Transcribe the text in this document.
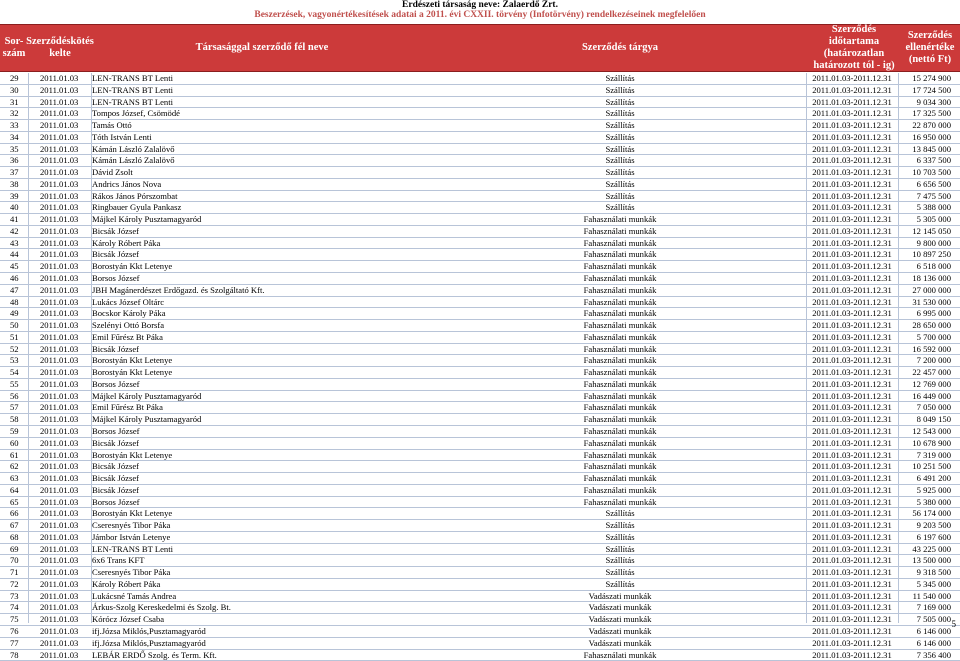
Erdészeti társaság neve: Zalaerdő Zrt.
Beszerzések, vagyonértékesítések adatai a 2011. évi CXXII. törvény (Infotörvény) rendelkezéseinek megfelelően
Sor-
szám
Szerződéskötés
kelte
Társasággal szerződő fél neve	Szerződés tárgya
Szerződés időtartama
(határozatlan
határozott tól - ig)
Szerződés
ellenértéke
(nettó Ft)
29	2011.01.03	LEN-TRANS BT Lenti	Szállítás	2011.01.03-2011.12.31	15 274 900
30	2011.01.03	LEN-TRANS BT Lenti	Szállítás	2011.01.03-2011.12.31	17 724 500
31	2011.01.03	LEN-TRANS BT Lenti	Szállítás	2011.01.03-2011.12.31	9 034 300
32	2011.01.03	Tompos József, Csömödé	Szállítás	2011.01.03-2011.12.31	17 325 500
33	2011.01.03	Tamás Ottó	Szállítás	2011.01.03-2011.12.31	22 870 000
34	2011.01.03	Tóth István Lenti	Szállítás	2011.01.03-2011.12.31	16 950 000
35	2011.01.03	Kámán László Zalalövő	Szállítás	2011.01.03-2011.12.31	13 845 000
36	2011.01.03	Kámán László Zalalövő	Szállítás	2011.01.03-2011.12.31	6 337 500
37	2011.01.03	Dávid Zsolt	Szállítás	2011.01.03-2011.12.31	10 703 500
38	2011.01.03	Andrics János Nova	Szállítás	2011.01.03-2011.12.31	6 656 500
39	2011.01.03	Rákos János Pórszombat	Szállítás	2011.01.03-2011.12.31	7 475 500
40	2011.01.03	Ringbauer Gyula Pankasz	Szállítás	2011.01.03-2011.12.31	5 388 000
41	2011.01.03	Májkel Károly Pusztamagyaród	Fahasználati munkák	2011.01.03-2011.12.31	5 305 000
42	2011.01.03	Bicsák József	Fahasználati munkák	2011.01.03-2011.12.31	12 145 050
43	2011.01.03	Károly Róbert Páka	Fahasználati munkák	2011.01.03-2011.12.31	9 800 000
44	2011.01.03	Bicsák József	Fahasználati munkák	2011.01.03-2011.12.31	10 897 250
45	2011.01.03	Borostyán Kkt Letenye	Fahasználati munkák	2011.01.03-2011.12.31	6 518 000
46	2011.01.03	Borsos József	Fahasználati munkák	2011.01.03-2011.12.31	18 136 000
47	2011.01.03	JBH Magánerdészet Erdőgazd. és Szolgáltató Kft.	Fahasználati munkák	2011.01.03-2011.12.31	27 000 000
48	2011.01.03	Lukács József Oltárc	Fahasználati munkák	2011.01.03-2011.12.31	31 530 000
49	2011.01.03	Bocskor Károly Páka	Fahasználati munkák	2011.01.03-2011.12.31	6 995 000
50	2011.01.03	Szelényi Ottó Borsfa	Fahasználati munkák	2011.01.03-2011.12.31	28 650 000
51	2011.01.03	Emil Fűrész Bt Páka	Fahasználati munkák	2011.01.03-2011.12.31	5 700 000
52	2011.01.03	Bicsák József	Fahasználati munkák	2011.01.03-2011.12.31	16 592 000
53	2011.01.03	Borostyán Kkt Letenye	Fahasználati munkák	2011.01.03-2011.12.31	7 200 000
54	2011.01.03	Borostyán Kkt Letenye	Fahasználati munkák	2011.01.03-2011.12.31	22 457 000
55	2011.01.03	Borsos József	Fahasználati munkák	2011.01.03-2011.12.31	12 769 000
56	2011.01.03	Májkel Károly Pusztamagyaród	Fahasználati munkák	2011.01.03-2011.12.31	16 449 000
57	2011.01.03	Emil Fűrész Bt Páka	Fahasználati munkák	2011.01.03-2011.12.31	7 050 000
58	2011.01.03	Májkel Károly Pusztamagyaród	Fahasználati munkák	2011.01.03-2011.12.31	8 049 150
59	2011.01.03	Borsos József	Fahasználati munkák	2011.01.03-2011.12.31	12 543 000
60	2011.01.03	Bicsák József	Fahasználati munkák	2011.01.03-2011.12.31	10 678 900
61	2011.01.03	Borostyán Kkt Letenye	Fahasználati munkák	2011.01.03-2011.12.31	7 319 000
62	2011.01.03	Bicsák József	Fahasználati munkák	2011.01.03-2011.12.31	10 251 500
63	2011.01.03	Bicsák József	Fahasználati munkák	2011.01.03-2011.12.31	6 491 200
64	2011.01.03	Bicsák József	Fahasználati munkák	2011.01.03-2011.12.31	5 925 000
65	2011.01.03	Borsos József	Fahasználati munkák	2011.01.03-2011.12.31	5 380 000
66	2011.01.03	Borostyán Kkt Letenye	Szállítás	2011.01.03-2011.12.31	56 174 000
67	2011.01.03	Cseresnyés Tibor Páka	Szállítás	2011.01.03-2011.12.31	9 203 500
68	2011.01.03	Jámbor István Letenye	Szállítás	2011.01.03-2011.12.31	6 197 600
69	2011.01.03	LEN-TRANS BT Lenti	Szállítás	2011.01.03-2011.12.31	43 225 000
70	2011.01.03	6x6 Trans KFT	Szállítás	2011.01.03-2011.12.31	13 500 000
71	2011.01.03	Cseresnyés Tibor Páka	Szállítás	2011.01.03-2011.12.31	9 318 500
72	2011.01.03	Károly Róbert Páka	Szállítás	2011.01.03-2011.12.31	5 345 000
73	2011.01.03	Lukácsné Tamás Andrea	Vadászati munkák	2011.01.03-2011.12.31	11 540 000
74	2011.01.03	Árkus-Szolg Kereskedelmi és Szolg. Bt.	Vadászati munkák	2011.01.03-2011.12.31	7 169 000
75	2011.01.03	Kórócz József Csaba	Vadászati munkák	2011.01.03-2011.12.31	7 505 000
76	2011.01.03	ifj.Józsa Miklós,Pusztamagyaród	Vadászati munkák	2011.01.03-2011.12.31	6 146 000
77	2011.01.03	ifj.Józsa Miklós,Pusztamagyaród	Vadászati munkák	2011.01.03-2011.12.31	6 146 000
78	2011.01.03	LEBÁR ERDŐ Szolg. és Term. Kft.	Fahasználati munkák	2011.01.03-2011.12.31	7 356 400
5
